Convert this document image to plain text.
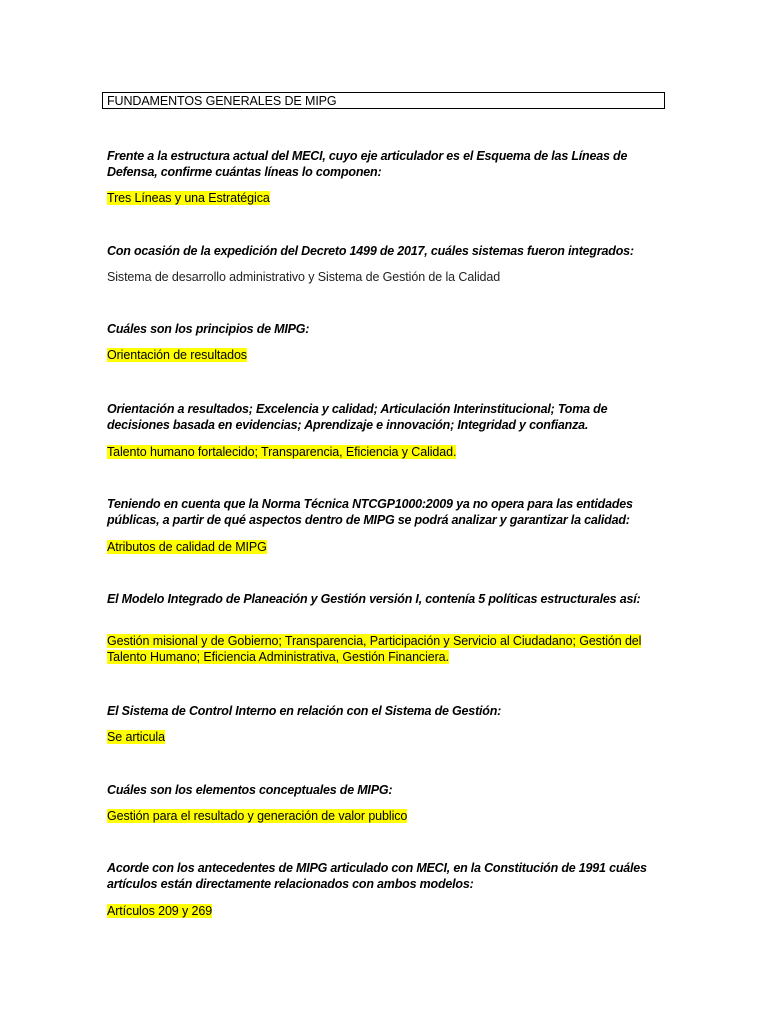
FUNDAMENTOS GENERALES DE MIPG

Frente a la estructura actual del MECI, cuyo eje articulador es el Esquema de las Líneas de Defensa, confirme cuántas líneas lo componen:

Tres Líneas y una Estratégica

Con ocasión de la expedición del Decreto 1499 de 2017, cuáles sistemas fueron integrados:

Sistema de desarrollo administrativo y Sistema de Gestión de la Calidad

Cuáles son los principios de MIPG:

Orientación de resultados

Orientación a resultados; Excelencia y calidad; Articulación Interinstitucional; Toma de decisiones basada en evidencias; Aprendizaje e innovación; Integridad y confianza.

Talento humano fortalecido; Transparencia, Eficiencia y Calidad.

Teniendo en cuenta que la Norma Técnica NTCGP1000:2009 ya no opera para las entidades públicas, a partir de qué aspectos dentro de MIPG se podrá analizar y garantizar la calidad:

Atributos de calidad de MIPG

El Modelo Integrado de Planeación y Gestión versión I, contenía 5 políticas estructurales así:

Gestión misional y de Gobierno; Transparencia, Participación y Servicio al Ciudadano; Gestión del Talento Humano; Eficiencia Administrativa, Gestión Financiera.

El Sistema de Control Interno en relación con el Sistema de Gestión:

Se articula

Cuáles son los elementos conceptuales de MIPG:

Gestión para el resultado y generación de valor publico

Acorde con los antecedentes de MIPG articulado con MECI, en la Constitución de 1991 cuáles artículos están directamente relacionados con ambos modelos:

Artículos 209 y 269
